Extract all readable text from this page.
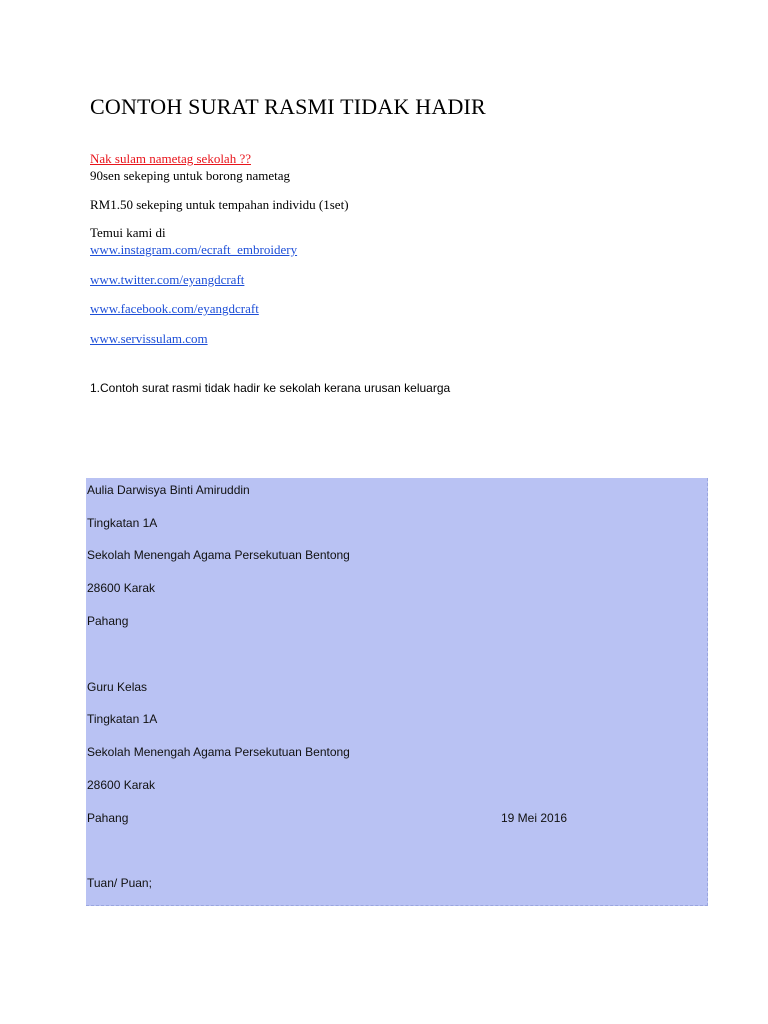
CONTOH SURAT RASMI TIDAK HADIR
Nak sulam nametag sekolah ??
90sen sekeping untuk borong nametag
RM1.50 sekeping untuk tempahan individu (1set)
Temui kami di
www.instagram.com/ecraft_embroidery
www.twitter.com/eyangdcraft
www.facebook.com/eyangdcraft
www.servissulam.com
1.Contoh surat rasmi tidak hadir ke sekolah kerana urusan keluarga
Aulia Darwisya Binti Amiruddin
Tingkatan 1A
Sekolah Menengah Agama Persekutuan Bentong
28600 Karak
Pahang
Guru Kelas
Tingkatan 1A
Sekolah Menengah Agama Persekutuan Bentong
28600 Karak
Pahang	19 Mei 2016
Tuan/ Puan;
